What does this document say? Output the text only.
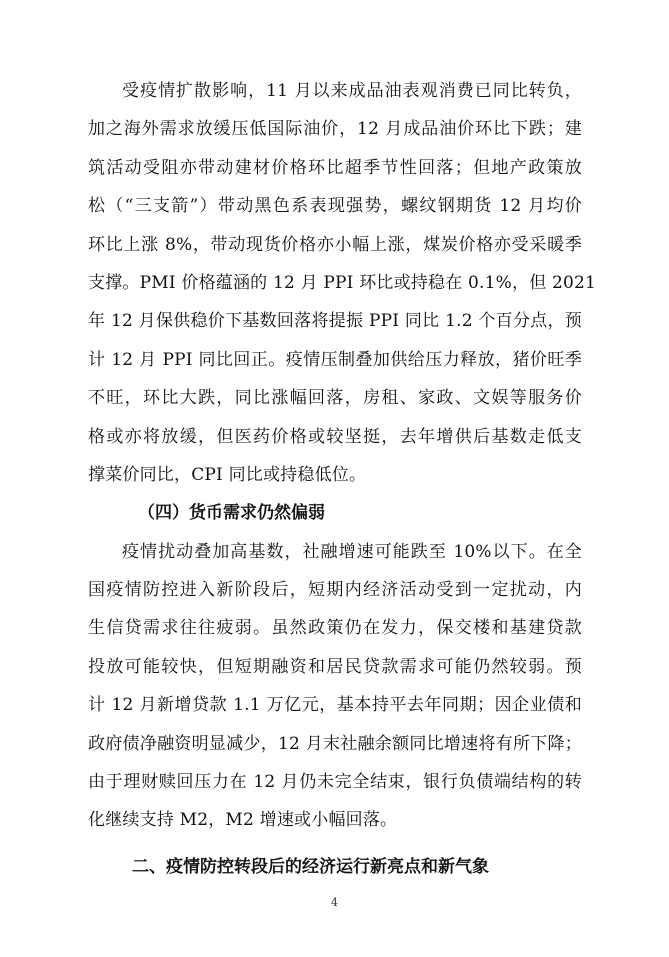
受疫情扩散影响，11 月以来成品油表观消费已同比转负，
加之海外需求放缓压低国际油价，12 月成品油价环比下跌；建
筑活动受阻亦带动建材价格环比超季节性回落；但地产政策放
松（“三支箭”）带动黑色系表现强势，螺纹钢期货 12 月均价
环比上涨 8%，带动现货价格亦小幅上涨，煤炭价格亦受采暖季
支撑。PMI 价格蕴涵的 12 月 PPI 环比或持稳在 0.1%，但 2021
年 12 月保供稳价下基数回落将提振 PPI 同比 1.2 个百分点，预
计 12 月 PPI 同比回正。疫情压制叠加供给压力释放，猪价旺季
不旺，环比大跌，同比涨幅回落，房租、家政、文娱等服务价
格或亦将放缓，但医药价格或较坚挺，去年增供后基数走低支
撑菜价同比，CPI 同比或持稳低位。
（四）货币需求仍然偏弱
疫情扰动叠加高基数，社融增速可能跌至 10%以下。在全
国疫情防控进入新阶段后，短期内经济活动受到一定扰动，内
生信贷需求往往疲弱。虽然政策仍在发力，保交楼和基建贷款
投放可能较快，但短期融资和居民贷款需求可能仍然较弱。预
计 12 月新增贷款 1.1 万亿元，基本持平去年同期；因企业债和
政府债净融资明显减少，12 月末社融余额同比增速将有所下降；
由于理财赎回压力在 12 月仍未完全结束，银行负债端结构的转
化继续支持 M2，M2 增速或小幅回落。
二、疫情防控转段后的经济运行新亮点和新气象
4
